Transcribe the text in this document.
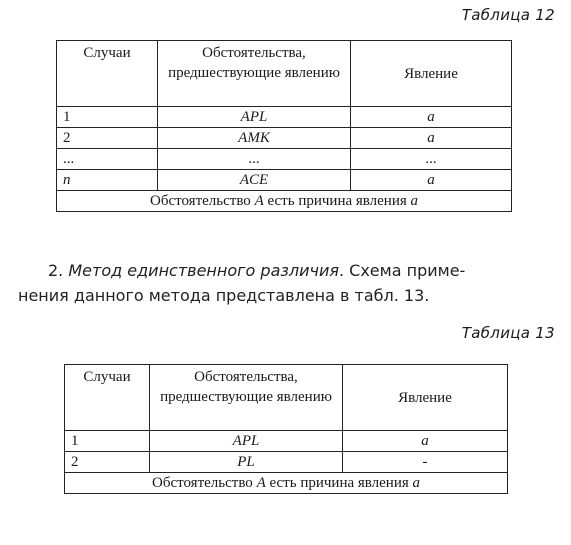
Таблица 12
Случаи	Обстоятельства, предшествующие явлению	Явление
1	APL	a
2	AMK	a
...	...	...
n	ACE	a
Обстоятельство А есть причина явления а		
2. Метод единственного различия. Схема приме-
нения данного метода представлена в табл. 13.
Таблица 13
Случаи	Обстоятельства, предшествующие явлению	Явление
1	APL	a
2	PL	-
Обстоятельство А есть причина явления а		
